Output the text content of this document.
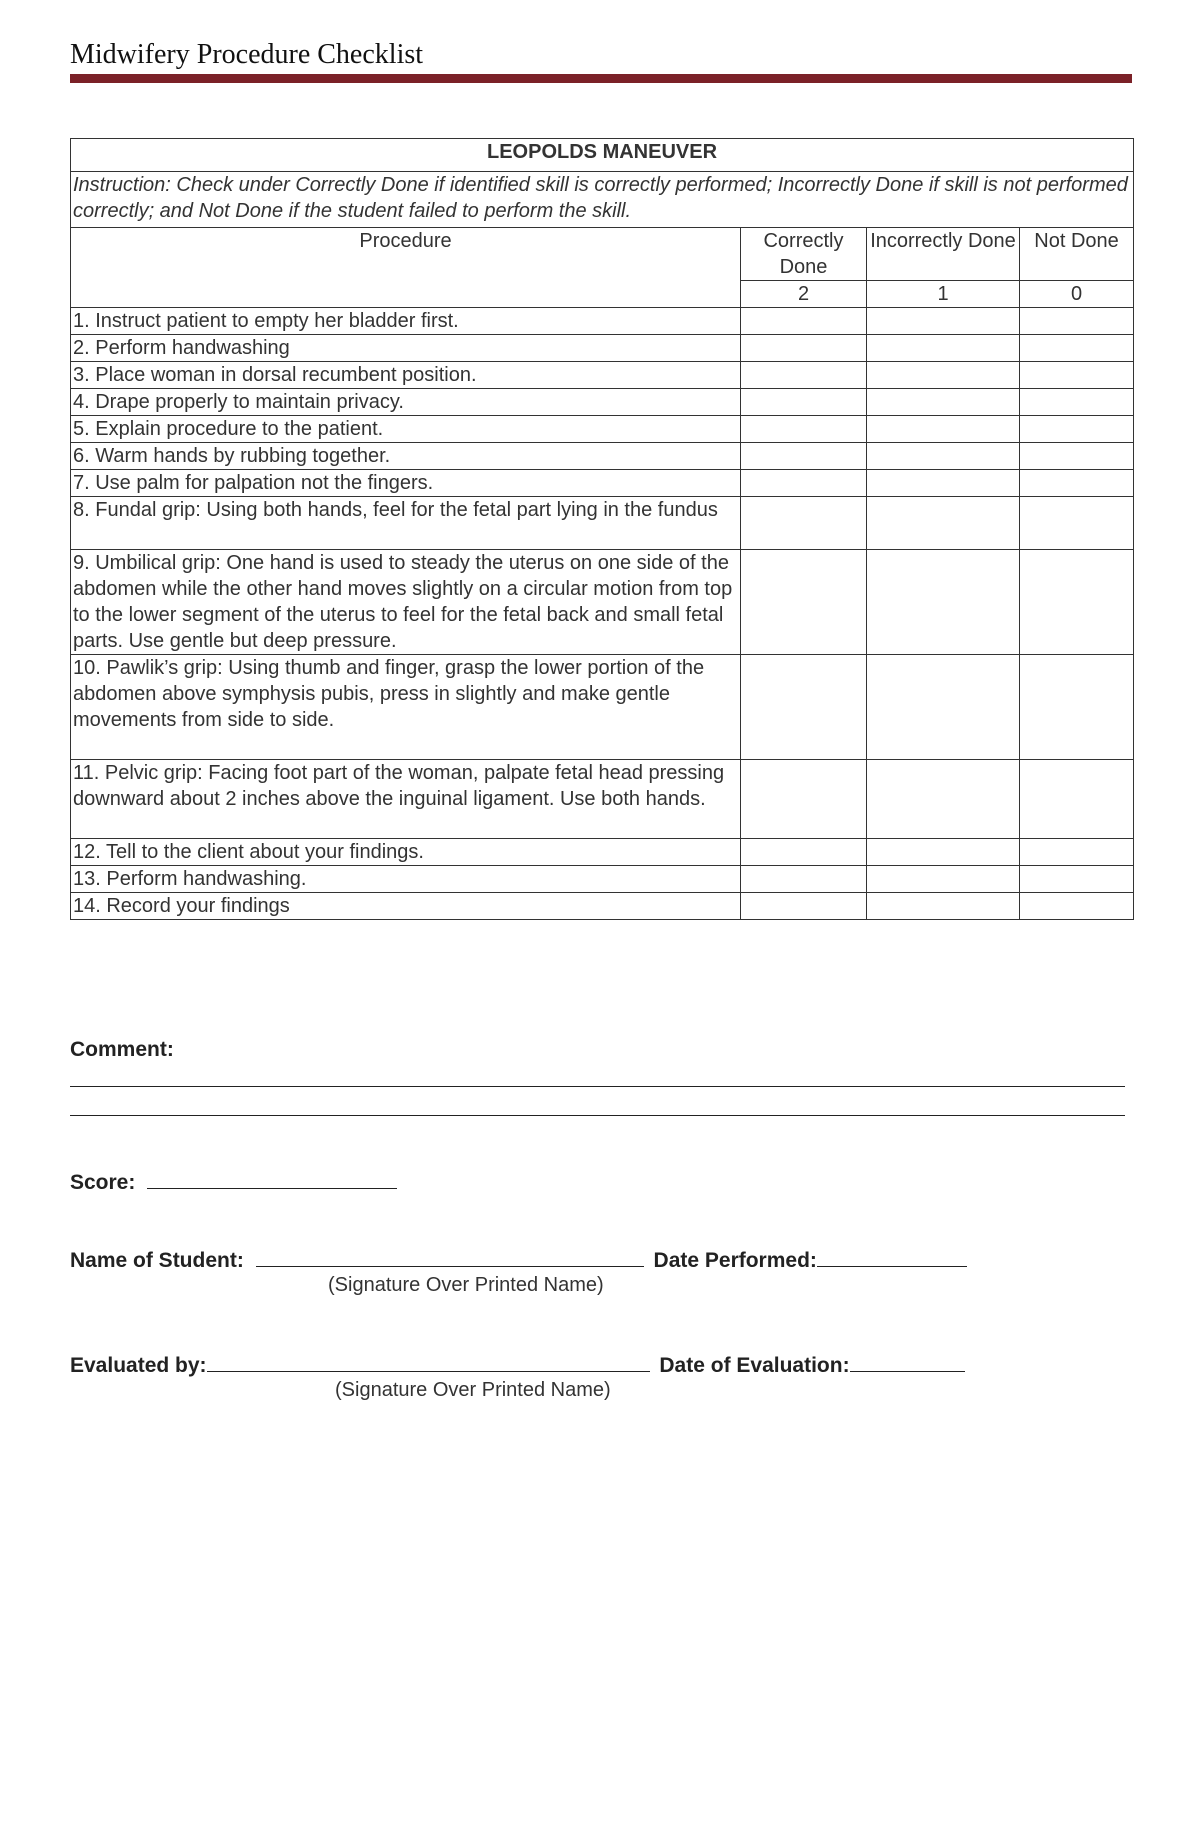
Midwifery Procedure Checklist
LEOPOLDS MANEUVER			
Instruction: Check under Correctly Done if identified skill is correctly performed; Incorrectly Done if skill is not performed correctly; and Not Done if the student failed to perform the skill.			
Procedure	Correctly Done	Incorrectly Done	Not Done
	2	1	0
1. Instruct patient to empty her bladder first.			
2. Perform handwashing			
3. Place woman in dorsal recumbent position.			
4. Drape properly to maintain privacy.			
5. Explain procedure to the patient.			
6. Warm hands by rubbing together.			
7. Use palm for palpation not the fingers.			
8. Fundal grip: Using both hands, feel for the fetal part lying in the fundus			
9. Umbilical grip: One hand is used to steady the uterus on one side of the abdomen while the other hand moves slightly on a circular motion from top to the lower segment of the uterus to feel for the fetal back and small fetal parts. Use gentle but deep pressure.			
10. Pawlik’s grip: Using thumb and finger, grasp the lower portion of the abdomen above symphysis pubis, press in slightly and make gentle movements from side to side.			
11. Pelvic grip: Facing foot part of the woman, palpate fetal head pressing downward about 2 inches above the inguinal ligament. Use both hands.			
12. Tell to the client about your findings.			
13. Perform handwashing.			
14. Record your findings			
Comment:
Score:
Name of Student:	Date Performed:
(Signature Over Printed Name)
Evaluated by:	Date of Evaluation:
(Signature Over Printed Name)
